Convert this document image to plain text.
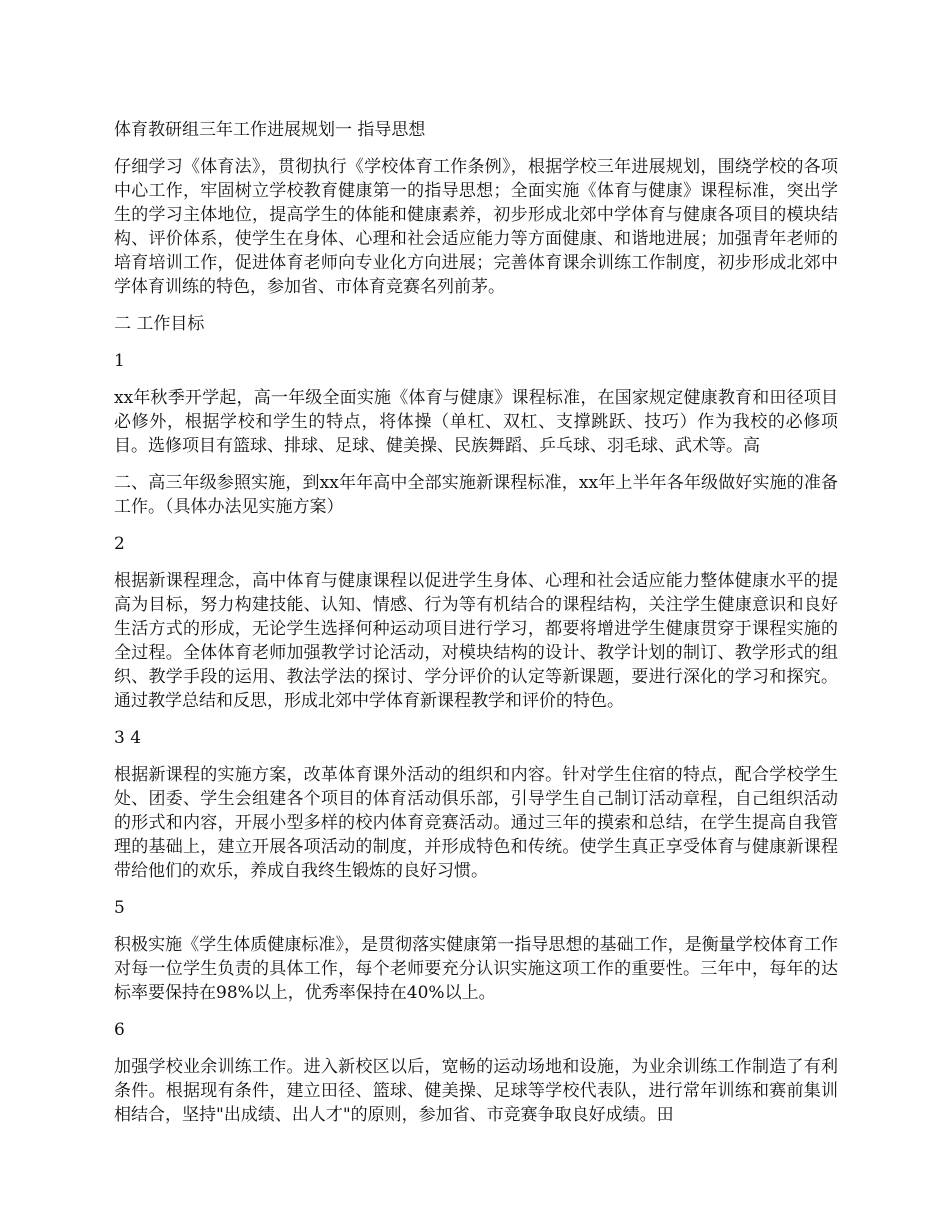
体育教研组三年工作进展规划一 指导思想

仔细学习《体育法》，贯彻执行《学校体育工作条例》，根据学校三年进展规划，围绕学校的各项中心工作，牢固树立学校教育健康第一的指导思想；全面实施《体育与健康》课程标准，突出学生的学习主体地位，提高学生的体能和健康素养，初步形成北郊中学体育与健康各项目的模块结构、评价体系，使学生在身体、心理和社会适应能力等方面健康、和谐地进展；加强青年老师的培育培训工作，促进体育老师向专业化方向进展；完善体育课余训练工作制度，初步形成北郊中学体育训练的特色，参加省、市体育竞赛名列前茅。

二 工作目标

1

xx年秋季开学起，高一年级全面实施《体育与健康》课程标准，在国家规定健康教育和田径项目必修外，根据学校和学生的特点，将体操（单杠、双杠、支撑跳跃、技巧）作为我校的必修项目。选修项目有篮球、排球、足球、健美操、民族舞蹈、乒乓球、羽毛球、武术等。高

二、高三年级参照实施，到xx年年高中全部实施新课程标准，xx年上半年各年级做好实施的准备工作。（具体办法见实施方案）

2

根据新课程理念，高中体育与健康课程以促进学生身体、心理和社会适应能力整体健康水平的提高为目标，努力构建技能、认知、情感、行为等有机结合的课程结构，关注学生健康意识和良好生活方式的形成，无论学生选择何种运动项目进行学习，都要将增进学生健康贯穿于课程实施的全过程。全体体育老师加强教学讨论活动，对模块结构的设计、教学计划的制订、教学形式的组织、教学手段的运用、教法学法的探讨、学分评价的认定等新课题，要进行深化的学习和探究。通过教学总结和反思，形成北郊中学体育新课程教学和评价的特色。

3 4

根据新课程的实施方案，改革体育课外活动的组织和内容。针对学生住宿的特点，配合学校学生处、团委、学生会组建各个项目的体育活动俱乐部，引导学生自己制订活动章程，自己组织活动的形式和内容，开展小型多样的校内体育竞赛活动。通过三年的摸索和总结，在学生提高自我管理的基础上，建立开展各项活动的制度，并形成特色和传统。使学生真正享受体育与健康新课程带给他们的欢乐，养成自我终生锻炼的良好习惯。

5

积极实施《学生体质健康标准》，是贯彻落实健康第一指导思想的基础工作，是衡量学校体育工作对每一位学生负责的具体工作，每个老师要充分认识实施这项工作的重要性。三年中，每年的达标率要保持在98%以上，优秀率保持在40%以上。

6

加强学校业余训练工作。进入新校区以后，宽畅的运动场地和设施，为业余训练工作制造了有利条件。根据现有条件，建立田径、篮球、健美操、足球等学校代表队，进行常年训练和赛前集训相结合，坚持"出成绩、出人才"的原则，参加省、市竞赛争取良好成绩。田
